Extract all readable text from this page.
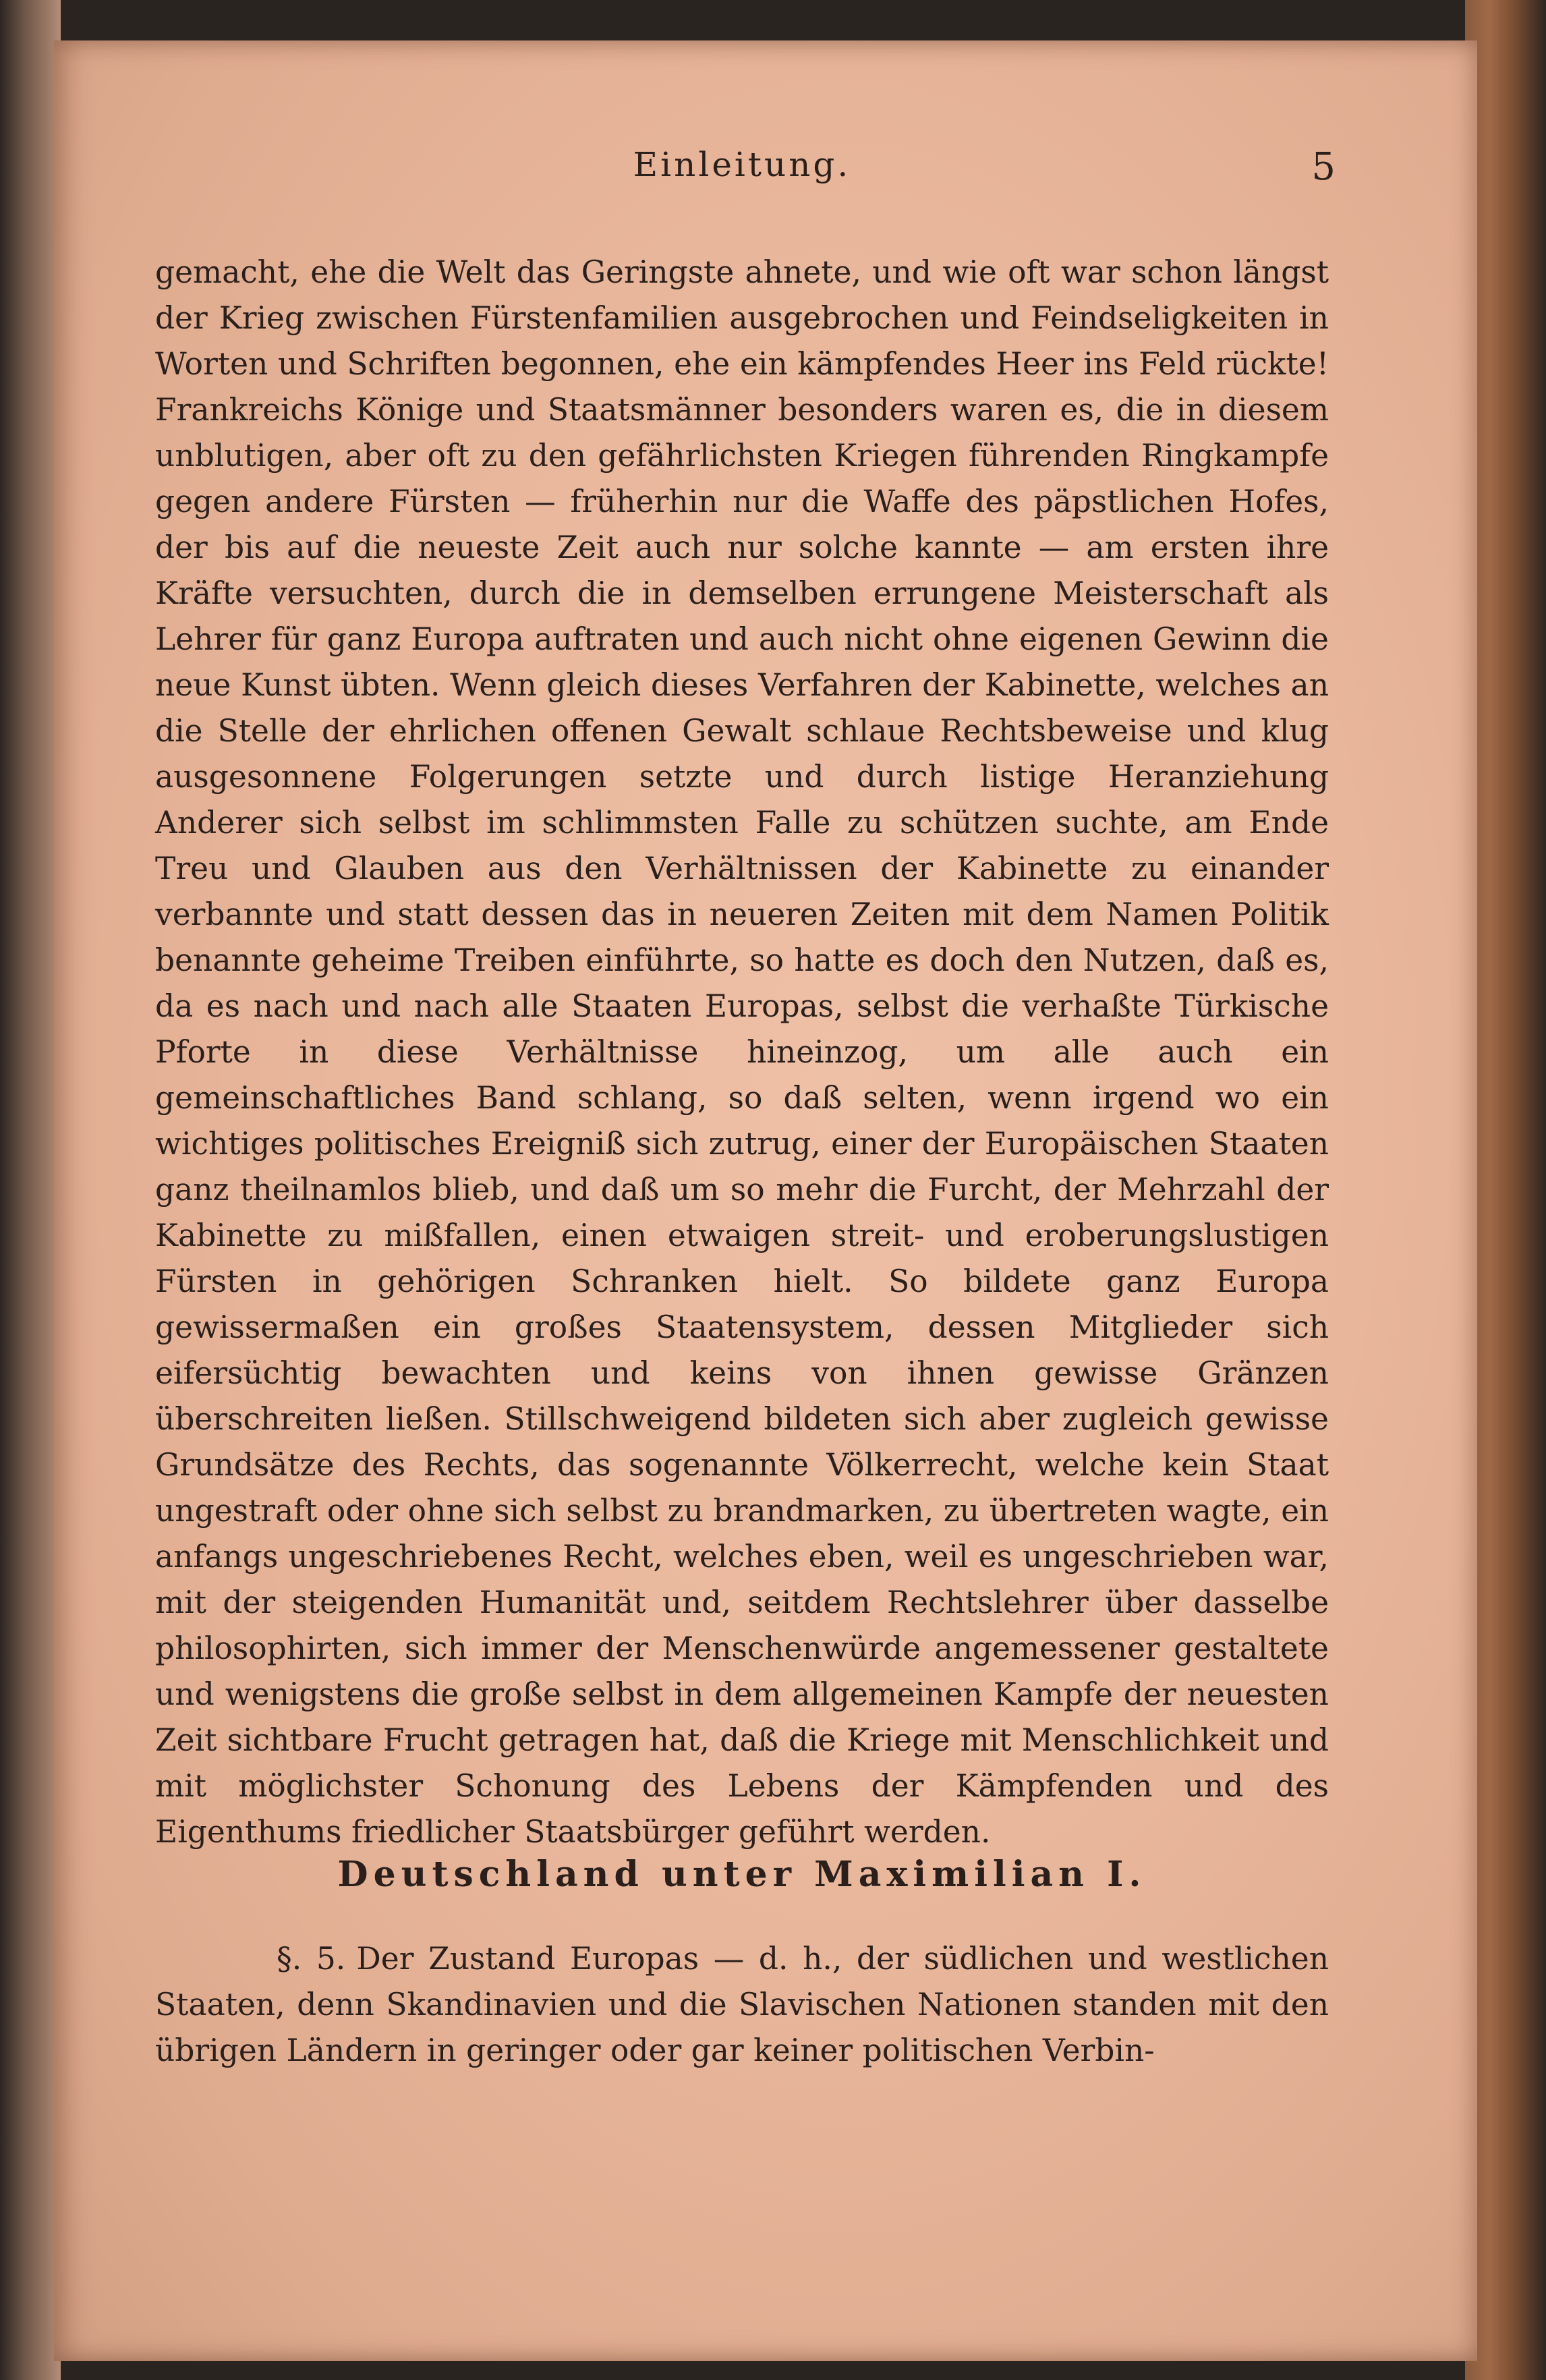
Einleitung.	5

gemacht, ehe die Welt das Geringste ahnete, und wie oft war schon längst der Krieg zwischen Fürstenfamilien ausgebrochen und Feindseligkeiten in Worten und Schriften begonnen, ehe ein kämpfendes Heer ins Feld rückte! Frankreichs Könige und Staatsmänner besonders waren es, die in diesem unblutigen, aber oft zu den gefährlichsten Kriegen führenden Ringkampfe gegen andere Fürsten — früherhin nur die Waffe des päpstlichen Hofes, der bis auf die neueste Zeit auch nur solche kannte — am ersten ihre Kräfte versuchten, durch die in demselben errungene Meisterschaft als Lehrer für ganz Europa auftraten und auch nicht ohne eigenen Gewinn die neue Kunst übten. Wenn gleich dieses Verfahren der Kabinette, welches an die Stelle der ehrlichen offenen Gewalt schlaue Rechtsbeweise und klug ausgesonnene Folgerungen setzte und durch listige Heranziehung Anderer sich selbst im schlimmsten Falle zu schützen suchte, am Ende Treu und Glauben aus den Verhältnissen der Kabinette zu einander verbannte und statt dessen das in neueren Zeiten mit dem Namen Politik benannte geheime Treiben einführte, so hatte es doch den Nutzen, daß es, da es nach und nach alle Staaten Europas, selbst die verhaßte Türkische Pforte in diese Verhältnisse hineinzog, um alle auch ein gemeinschaftliches Band schlang, so daß selten, wenn irgend wo ein wichtiges politisches Ereigniß sich zutrug, einer der Europäischen Staaten ganz theilnamlos blieb, und daß um so mehr die Furcht, der Mehrzahl der Kabinette zu mißfallen, einen etwaigen streit- und eroberungslustigen Fürsten in gehörigen Schranken hielt. So bildete ganz Europa gewissermaßen ein großes Staatensystem, dessen Mitglieder sich eifersüchtig bewachten und keins von ihnen gewisse Gränzen überschreiten ließen. Stillschweigend bildeten sich aber zugleich gewisse Grundsätze des Rechts, das sogenannte Völkerrecht, welche kein Staat ungestraft oder ohne sich selbst zu brandmarken, zu übertreten wagte, ein anfangs ungeschriebenes Recht, welches eben, weil es ungeschrieben war, mit der steigenden Humanität und, seitdem Rechtslehrer über dasselbe philosophirten, sich immer der Menschenwürde angemessener gestaltete und wenigstens die große selbst in dem allgemeinen Kampfe der neuesten Zeit sichtbare Frucht getragen hat, daß die Kriege mit Menschlichkeit und mit möglichster Schonung des Lebens der Kämpfenden und des Eigenthums friedlicher Staatsbürger geführt werden.

Deutschland unter Maximilian I.

§. 5. Der Zustand Europas — d. h., der südlichen und westlichen Staaten, denn Skandinavien und die Slavischen Nationen standen mit den übrigen Ländern in geringer oder gar keiner politischen Verbin-
